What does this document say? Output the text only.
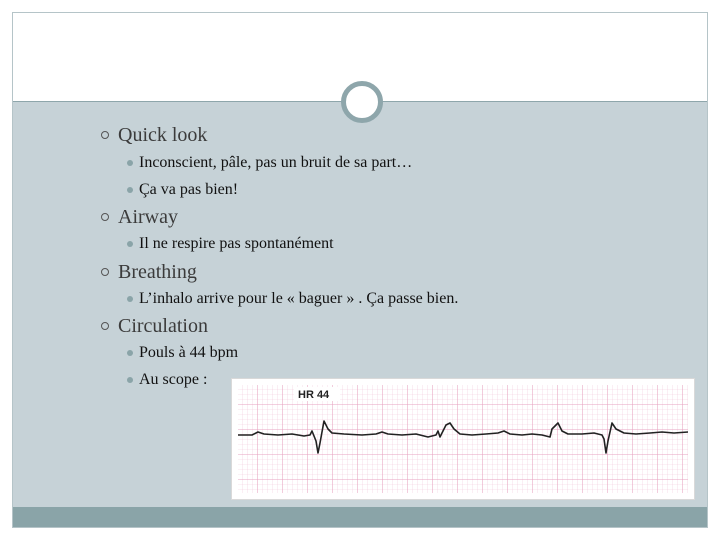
Quick look
Inconscient, pâle, pas un bruit de sa part…
Ça va pas bien!
Airway
Il ne respire pas spontanément
Breathing
L’inhalo arrive pour le « baguer » . Ça passe bien.
Circulation
Pouls à 44 bpm
Au scope :
HR 44
